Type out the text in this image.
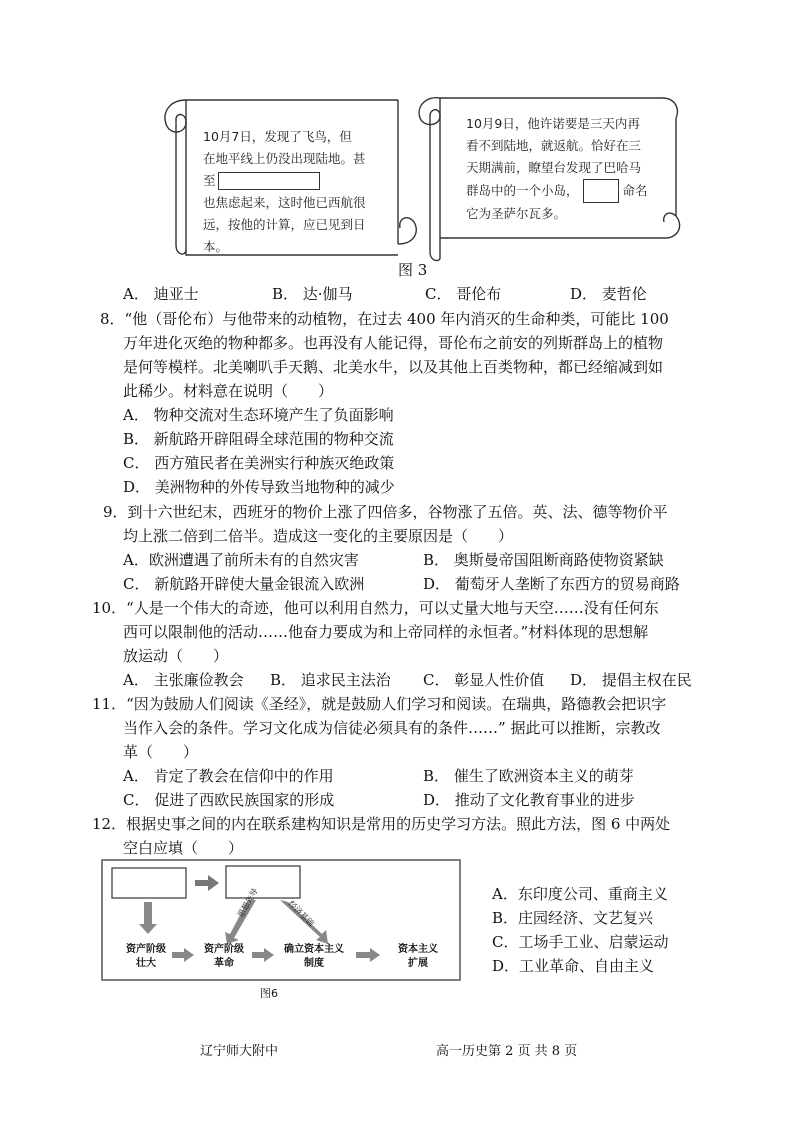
10月7日，发现了飞鸟，但
在地平线上仍没出现陆地。甚
至
也焦虑起来，这时他已西航很
远，按他的计算，应已见到日
本。
10月9日，他许诺要是三天内再
看不到陆地，就返航。恰好在三
天期满前，瞭望台发现了巴哈马
群岛中的一个小岛，	命名
它为圣萨尔瓦多。
图 3
A． 迪亚士	B． 达·伽马	C． 哥伦布	D． 麦哲伦
8．“他（哥伦布）与他带来的动植物，在过去 400 年内消灭的生命种类，可能比 100
万年进化灭绝的物种都多。也再没有人能记得，哥伦布之前安的列斯群岛上的植物
是何等模样。北美喇叭手天鹅、北美水牛，以及其他上百类物种，都已经缩减到如
此稀少。材料意在说明（　　）
A． 物种交流对生态环境产生了负面影响
B． 新航路开辟阻碍全球范围的物种交流
C． 西方殖民者在美洲实行种族灭绝政策
D． 美洲物种的外传导致当地物种的减少
9．到十六世纪末，西班牙的物价上涨了四倍多，谷物涨了五倍。英、法、德等物价平
均上涨二倍到二倍半。造成这一变化的主要原因是（　　）
A．欧洲遭遇了前所未有的自然灾害	B． 奥斯曼帝国阻断商路使物资紧缺
C． 新航路开辟使大量金银流入欧洲	D． 葡萄牙人垄断了东西方的贸易商路
10．“人是一个伟大的奇迹，他可以利用自然力，可以丈量大地与天空……没有任何东
西可以限制他的活动……他奋力要成为和上帝同样的永恒者。”材料体现的思想解
放运动（　　）
A． 主张廉俭教会 B． 追求民主法治 C． 彰显人性价值 D． 提倡主权在民
11．“因为鼓励人们阅读《圣经》，就是鼓励人们学习和阅读。在瑞典，路德教会把识字
当作入会的条件。学习文化成为信徒必须具有的条件……” 据此可以推断，宗教改
革（　　）
A． 肯定了教会在信仰中的作用	B． 催生了欧洲资本主义的萌芽
C． 促进了西欧民族国家的形成	D． 推动了文化教育事业的进步
12．根据史事之间的内在联系建构知识是常用的历史学习方法。照此方法，图 6 中两处
空白应填（　　）
思想先导	经济基础
资产阶级
壮大
资产阶级
革命
确立资本主义
制度
资本主义
扩展
图6
A．东印度公司、重商主义
B．庄园经济、文艺复兴
C．工场手工业、启蒙运动
D．工业革命、自由主义
辽宁师大附中	高一历史第 2 页 共 8 页
